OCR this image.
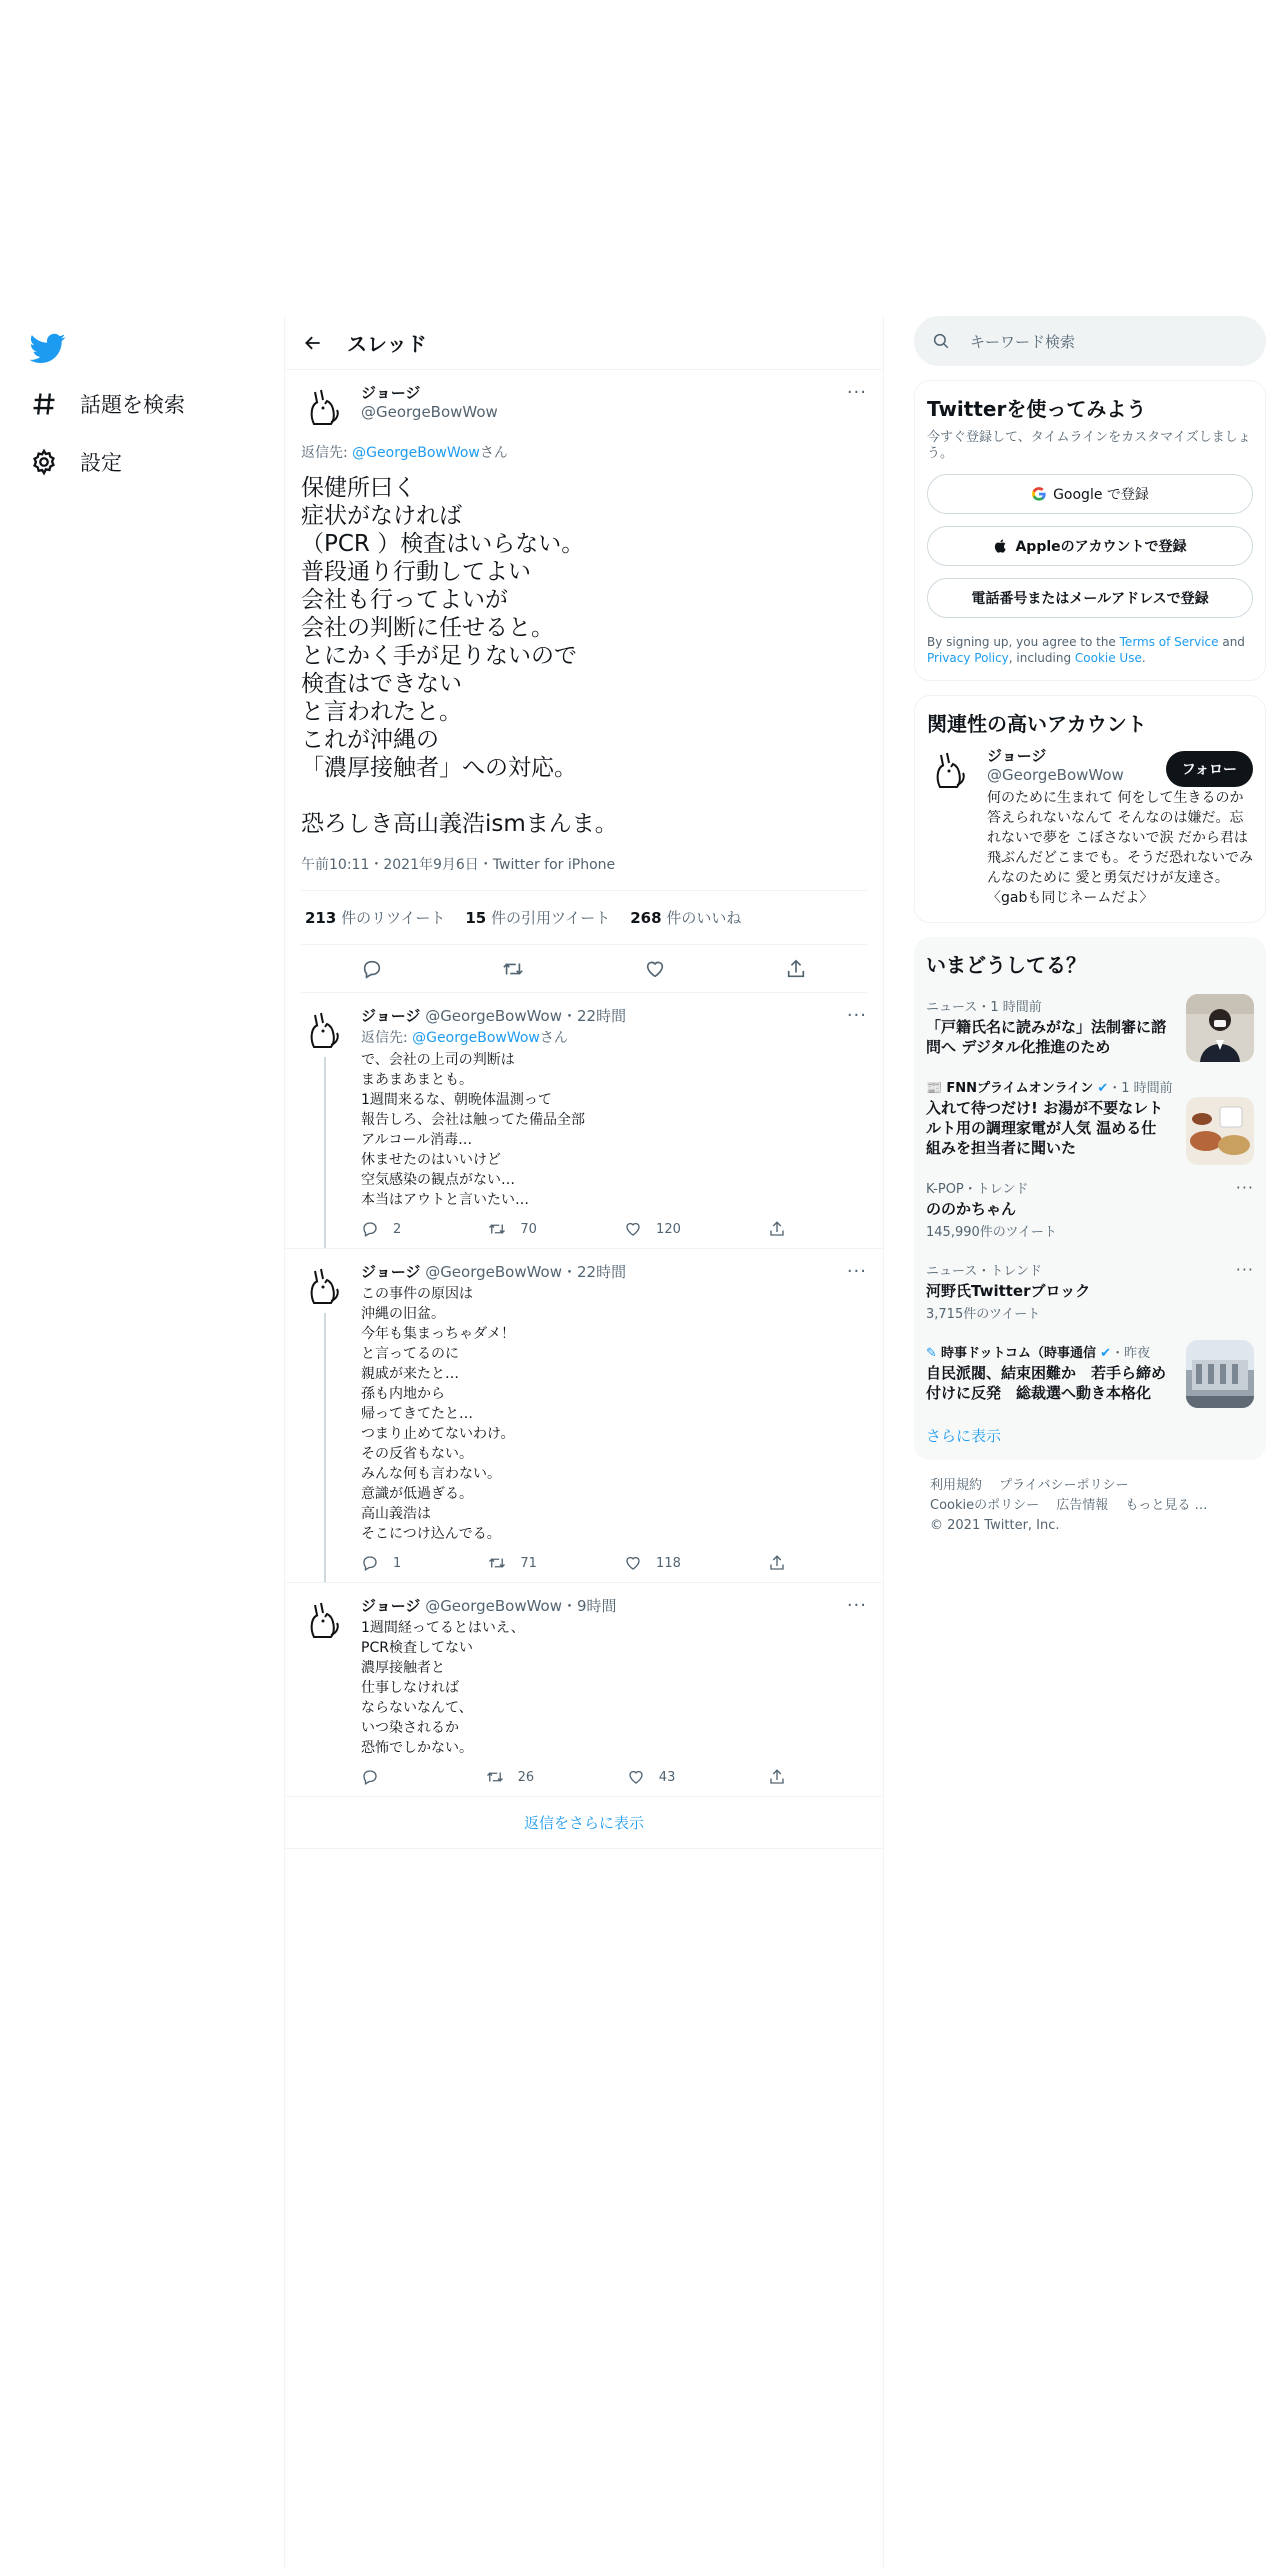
話題を検索
設定
スレッド
ジョージ
@GeorgeBowWow
···
返信先: @GeorgeBowWowさん
保健所曰く
症状がなければ
（PCR ）検査はいらない。
普段通り行動してよい
会社も行ってよいが
会社の判断に任せると。
とにかく手が足りないので
検査はできない
と言われたと。
これが沖縄の
「濃厚接触者」への対応。

恐ろしき高山義浩ismまんま。
午前10:11・2021年9月6日・Twitter for iPhone
213 件のリツイート 15 件の引用ツイート 268 件のいいね
ジョージ @GeorgeBowWow・22時間
返信先: @GeorgeBowWowさん
で、会社の上司の判断は
まあまあまとも。
1週間来るな、朝晩体温測って
報告しろ、会社は触ってた備品全部
アルコール消毒…
休ませたのはいいけど
空気感染の観点がない…
本当はアウトと言いたい…
2	70	120
···
ジョージ @GeorgeBowWow・22時間
この事件の原因は
沖縄の旧盆。
今年も集まっちゃダメ！
と言ってるのに
親戚が来たと…
孫も内地から
帰ってきてたと…
つまり止めてないわけ。
その反省もない。
みんな何も言わない。
意識が低過ぎる。
高山義浩は
そこにつけ込んでる。
1	71	118
···
ジョージ @GeorgeBowWow・9時間
1週間経ってるとはいえ、
PCR検査してない
濃厚接触者と
仕事しなければ
ならないなんて、
いつ染されるか
恐怖でしかない。
26	43
···
返信をさらに表示
キーワード検索
Twitterを使ってみよう
今すぐ登録して、タイムラインをカスタマイズしましょう。
Google で登録
Appleのアカウントで登録
電話番号またはメールアドレスで登録
By signing up, you agree to the Terms of Service and Privacy Policy, including Cookie Use.
関連性の高いアカウント
ジョージ
@GeorgeBowWow
何のために生まれて 何をして生きるのか 答えられないなんて そんなのは嫌だ。忘れないで夢を こぼさないで涙 だから君は飛ぶんだどこまでも。そうだ恐れないでみんなのために 愛と勇気だけが友達さ。　　　〈gabも同じネームだよ〉
フォロー
いまどうしてる？
ニュース・1 時間前
「戸籍氏名に読みがな」法制審に諮問へ デジタル化推進のため
📰 FNNプライムオンライン ✔・1 時間前
入れて待つだけ! お湯が不要なレトルト用の調理家電が人気 温める仕組みを担当者に聞いた
K-POP・トレンド
ののかちゃん
145,990件のツイート
···
ニュース・トレンド
河野氏Twitterブロック
3,715件のツイート
···
✎ 時事ドットコム（時事通信 ✔・昨夜
自民派閥、結束困難か　若手ら締め付けに反発　総裁選へ動き本格化
さらに表示
利用規約　 プライバシーポリシー
Cookieのポリシー　 広告情報　 もっと見る …
© 2021 Twitter, Inc.
